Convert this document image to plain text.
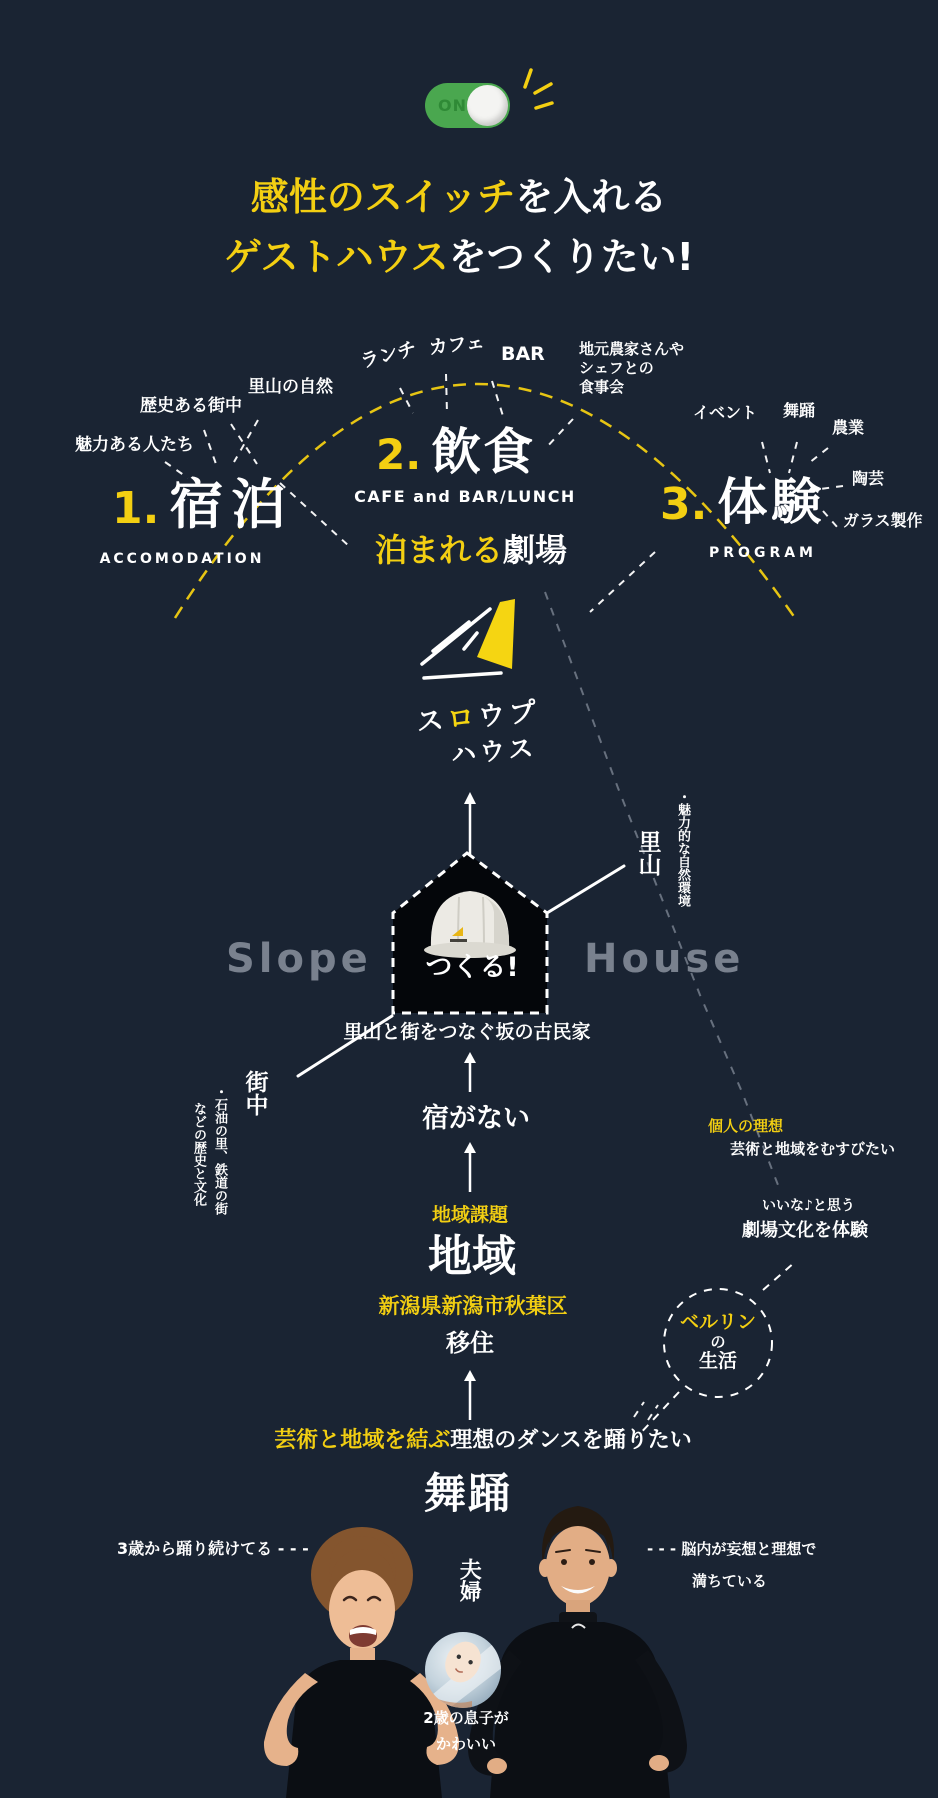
スロウプ
ハウス
ON
感性のスイッチを入れる
ゲストハウスをつくりたい!
魅力ある人たち
歴史ある街中
里山の自然
ランチ カフェ BAR 地元農家さんや
シェフとの
食事会
イベント 舞踊
農業
陶芸
ガラス製作
1. 宿泊
ACCOMODATION
2. 飲食
CAFE and BAR/LUNCH
泊まれる劇場
3. 体験
PROGRAM
Slope	House
つくる!
里山と街をつなぐ坂の古民家
街中
・石油の里、鉄道の街
などの歴史と文化
里山 ・魅力的な自然環境
宿がない
地域課題
地域
新潟県新潟市秋葉区
移住
個人の理想
芸術と地域をむすびたい
いいな♪と思う
劇場文化を体験
ベルリン
の
生活
芸術と地域を結ぶ理想のダンスを踊りたい
舞踊
3歳から踊り続けてる - - -	- - - 脳内が妄想と理想で
満ちている
夫婦
2歳の息子が
かわいい
